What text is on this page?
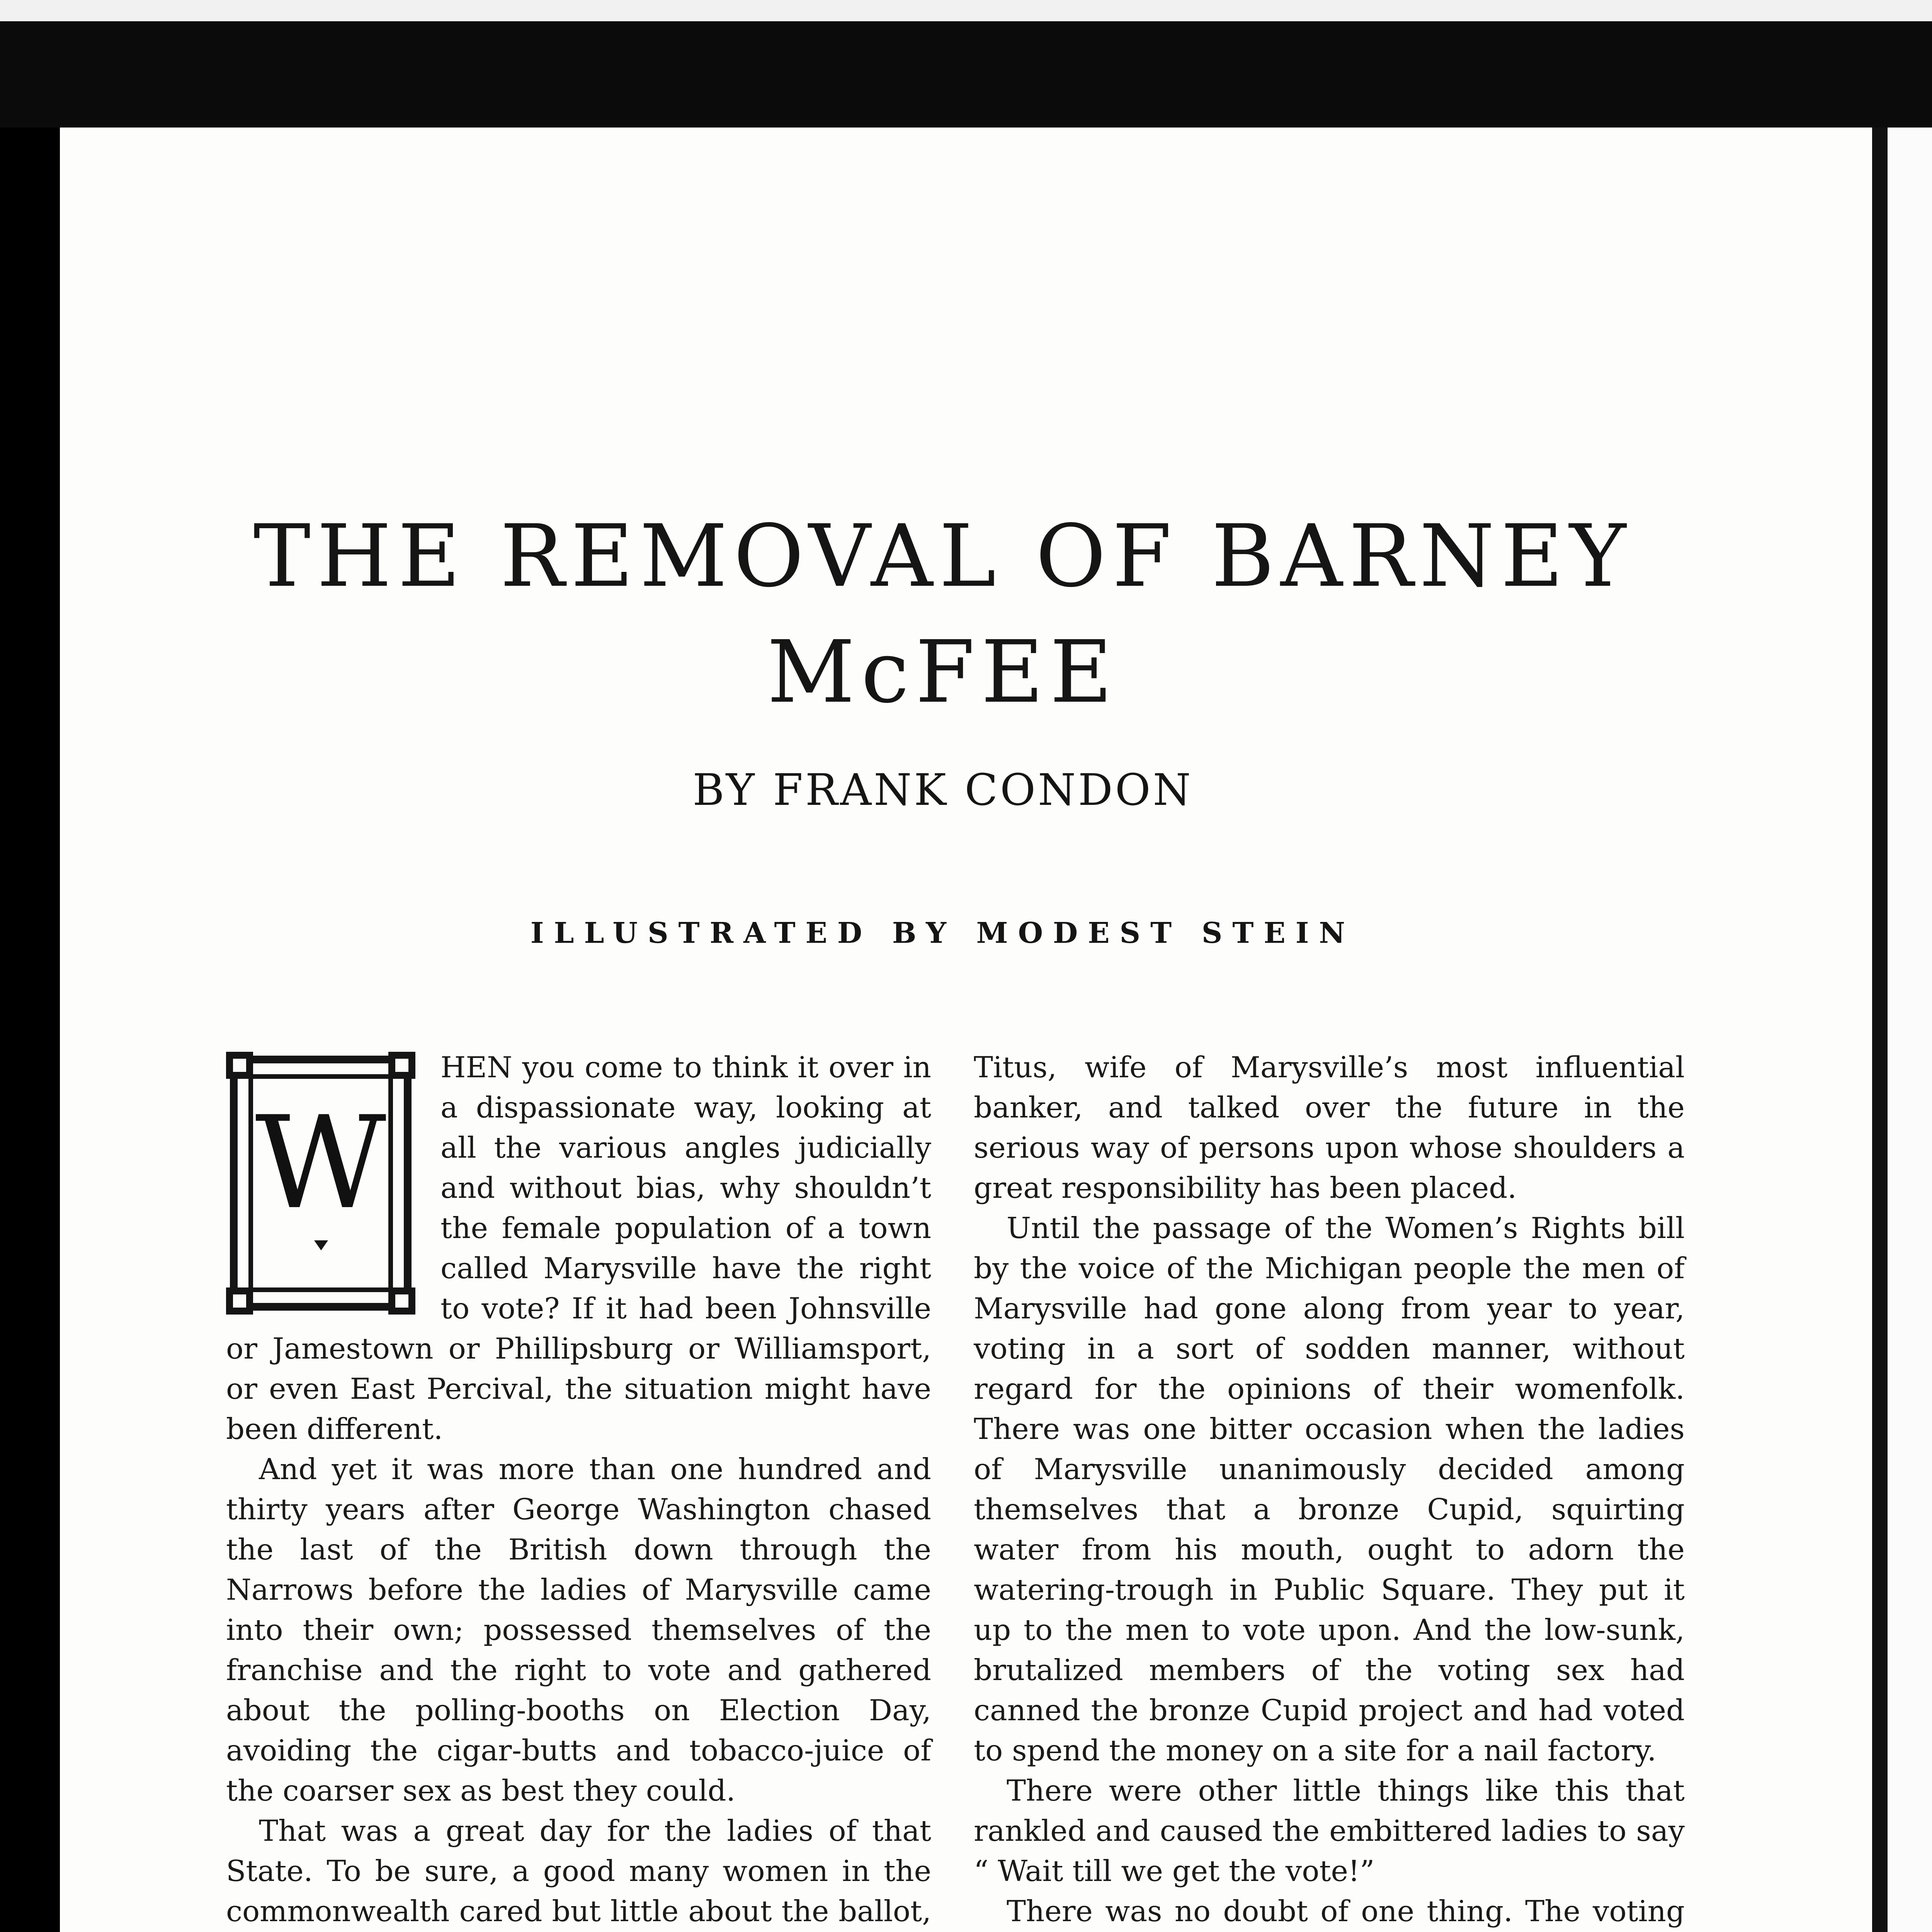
THE REMOVAL OF BARNEY
McFEE
BY FRANK CONDON
ILLUSTRATED BY MODEST STEIN

W
HEN you come to think it over in a dispassionate way, looking at all the various angles judicially and without bias, why shouldn’t the female population of a town called Marysville have the right to vote? If it had been Johnsville or Jamestown or Phillipsburg or Williamsport, or even East Percival, the situation might have been different.

And yet it was more than one hundred and thirty years after George Washington chased the last of the British down through the Narrows before the ladies of Marysville came into their own; possessed themselves of the franchise and the right to vote and gathered about the polling-booths on Election Day, avoiding the cigar-butts and tobacco-juice of the coarser sex as best they could.

That was a great day for the ladies of that State. To be sure, a good many women in the commonwealth cared but little about the ballot,

Titus, wife of Marysville’s most influential banker, and talked over the future in the serious way of persons upon whose shoulders a great responsibility has been placed.

Until the passage of the Women’s Rights bill by the voice of the Michigan people the men of Marysville had gone along from year to year, voting in a sort of sodden manner, without regard for the opinions of their womenfolk. There was one bitter occasion when the ladies of Marysville unanimously decided among themselves that a bronze Cupid, squirting water from his mouth, ought to adorn the watering-trough in Public Square. They put it up to the men to vote upon. And the low-sunk, brutalized members of the voting sex had canned the bronze Cupid project and had voted to spend the money on a site for a nail factory.

There were other little things like this that rankled and caused the embittered ladies to say “ Wait till we get the vote!”

There was no doubt of one thing. The voting
